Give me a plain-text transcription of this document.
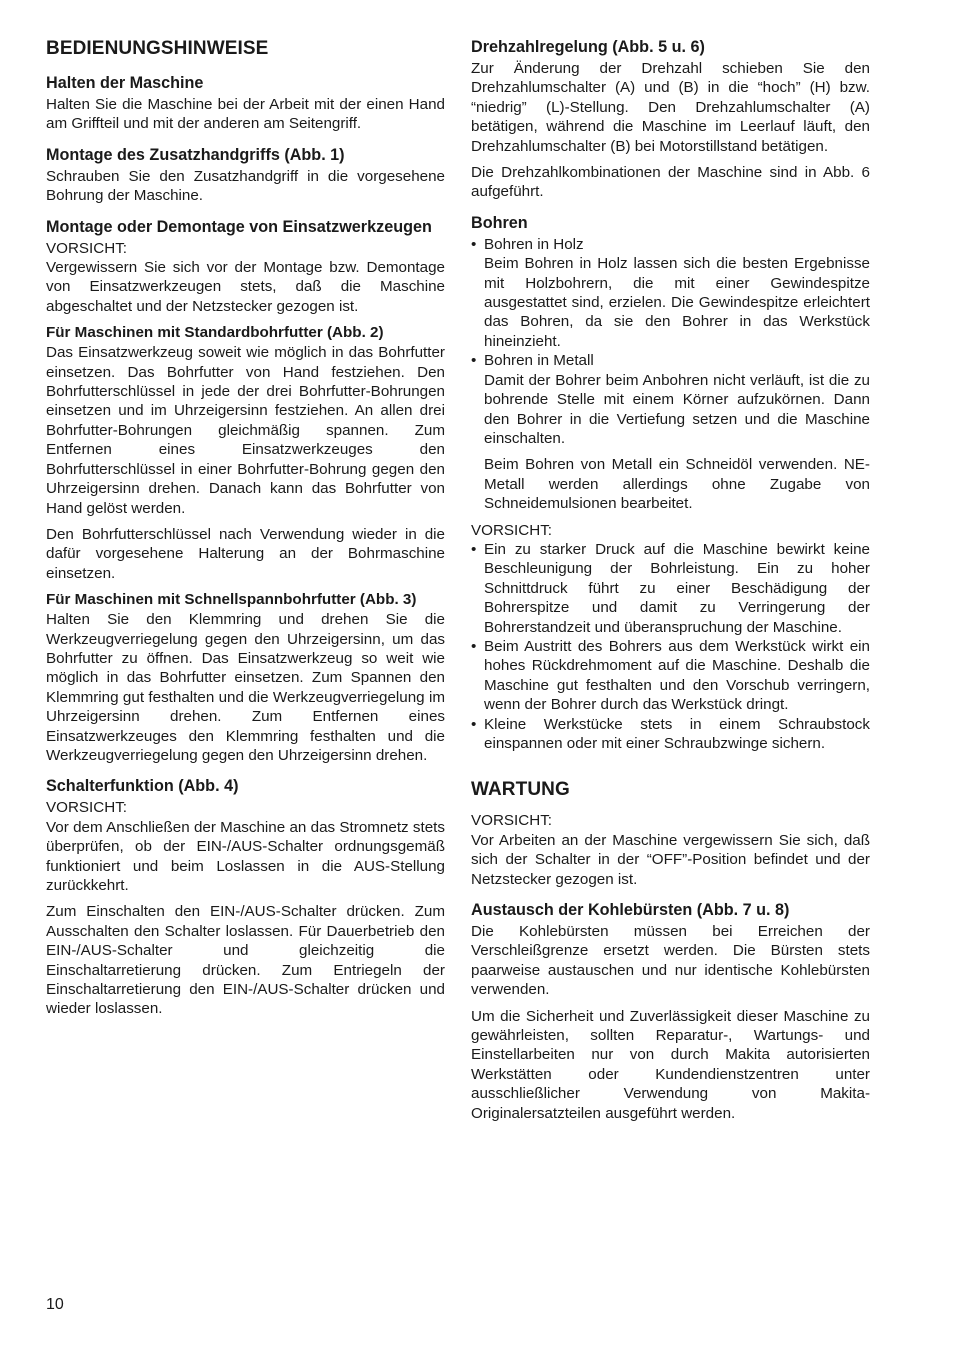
BEDIENUNGSHINWEISE
Halten der Maschine

Halten Sie die Maschine bei der Arbeit mit der einen Hand am Griffteil und mit der anderen am Seitengriff.

Montage des Zusatzhandgriffs (Abb. 1)

Schrauben Sie den Zusatzhandgriff in die vorgesehene Bohrung der Maschine.

Montage oder Demontage von Einsatzwerkzeugen

VORSICHT:

Vergewissern Sie sich vor der Montage bzw. Demontage von Einsatzwerkzeugen stets, daß die Maschine abgeschaltet und der Netzstecker gezogen ist.

Für Maschinen mit Standardbohrfutter (Abb. 2)

Das Einsatzwerkzeug soweit wie möglich in das Bohrfutter einsetzen. Das Bohrfutter von Hand festziehen. Den Bohrfutterschlüssel in jede der drei Bohrfutter-Bohrungen einsetzen und im Uhrzeigersinn festziehen. An allen drei Bohrfutter-Bohrungen gleichmäßig spannen. Zum Entfernen eines Einsatzwerkzeuges den Bohrfutterschlüssel in einer Bohrfutter-Bohrung gegen den Uhrzeigersinn drehen. Danach kann das Bohrfutter von Hand gelöst werden.

Den Bohrfutterschlüssel nach Verwendung wieder in die dafür vorgesehene Halterung an der Bohrmaschine einsetzen.

Für Maschinen mit Schnellspannbohrfutter (Abb. 3)

Halten Sie den Klemmring und drehen Sie die Werkzeugverriegelung gegen den Uhrzeigersinn, um das Bohrfutter zu öffnen. Das Einsatzwerkzeug so weit wie möglich in das Bohrfutter einsetzen. Zum Spannen den Klemmring gut festhalten und die Werkzeugverriegelung im Uhrzeigersinn drehen. Zum Entfernen eines Einsatzwerkzeuges den Klemmring festhalten und die Werkzeugverriegelung gegen den Uhrzeigersinn drehen.

Schalterfunktion (Abb. 4)

VORSICHT:

Vor dem Anschließen der Maschine an das Stromnetz stets überprüfen, ob der EIN-/AUS-Schalter ordnungsgemäß funktioniert und beim Loslassen in die AUS-Stellung zurückkehrt.

Zum Einschalten den EIN-/AUS-Schalter drücken. Zum Ausschalten den Schalter loslassen. Für Dauerbetrieb den EIN-/AUS-Schalter und gleichzeitig die Einschaltarretierung drücken. Zum Entriegeln der Einschaltarretierung den EIN-/AUS-Schalter drücken und wieder loslassen.

Drehzahlregelung (Abb. 5 u. 6)

Zur Änderung der Drehzahl schieben Sie den Drehzahlumschalter (A) und (B) in die “hoch” (H) bzw. “niedrig” (L)-Stellung. Den Drehzahlumschalter (A) betätigen, während die Maschine im Leerlauf läuft, den Drehzahlumschalter (B) bei Motorstillstand betätigen.

Die Drehzahlkombinationen der Maschine sind in Abb. 6 aufgeführt.

Bohren
• Bohren in Holz

Beim Bohren in Holz lassen sich die besten Ergebnisse mit Holzbohrern, die mit einer Gewindespitze ausgestattet sind, erzielen. Die Gewindespitze erleichtert das Bohren, da sie den Bohrer in das Werkstück hineinzieht.

• Bohren in Metall

Damit der Bohrer beim Anbohren nicht verläuft, ist die zu bohrende Stelle mit einem Körner aufzukörnen. Dann den Bohrer in die Vertiefung setzen und die Maschine einschalten.

Beim Bohren von Metall ein Schneidöl verwenden. NE-Metall werden allerdings ohne Zugabe von Schneidemulsionen bearbeitet.

VORSICHT:

• Ein zu starker Druck auf die Maschine bewirkt keine Beschleunigung der Bohrleistung. Ein zu hoher Schnittdruck führt zu einer Beschädigung der Bohrerspitze und damit zu Verringerung der Bohrerstandzeit und überanspruchung der Maschine.
• Beim Austritt des Bohrers aus dem Werkstück wirkt ein hohes Rückdrehmoment auf die Maschine. Deshalb die Maschine gut festhalten und den Vorschub verringern, wenn der Bohrer durch das Werkstück dringt.
• Kleine Werkstücke stets in einem Schraubstock einspannen oder mit einer Schraubzwinge sichern.
WARTUNG

VORSICHT:

Vor Arbeiten an der Maschine vergewissern Sie sich, daß sich der Schalter in der “OFF”-Position befindet und der Netzstecker gezogen ist.

Austausch der Kohlebürsten (Abb. 7 u. 8)

Die Kohlebürsten müssen bei Erreichen der Verschleißgrenze ersetzt werden. Die Bürsten stets paarweise austauschen und nur identische Kohlebürsten verwenden.

Um die Sicherheit und Zuverlässigkeit dieser Maschine zu gewährleisten, sollten Reparatur-, Wartungs- und Einstellarbeiten nur von durch Makita autorisierten Werkstätten oder Kundendienstzentren unter ausschließlicher Verwendung von Makita-Originalersatzteilen ausgeführt werden.

10
